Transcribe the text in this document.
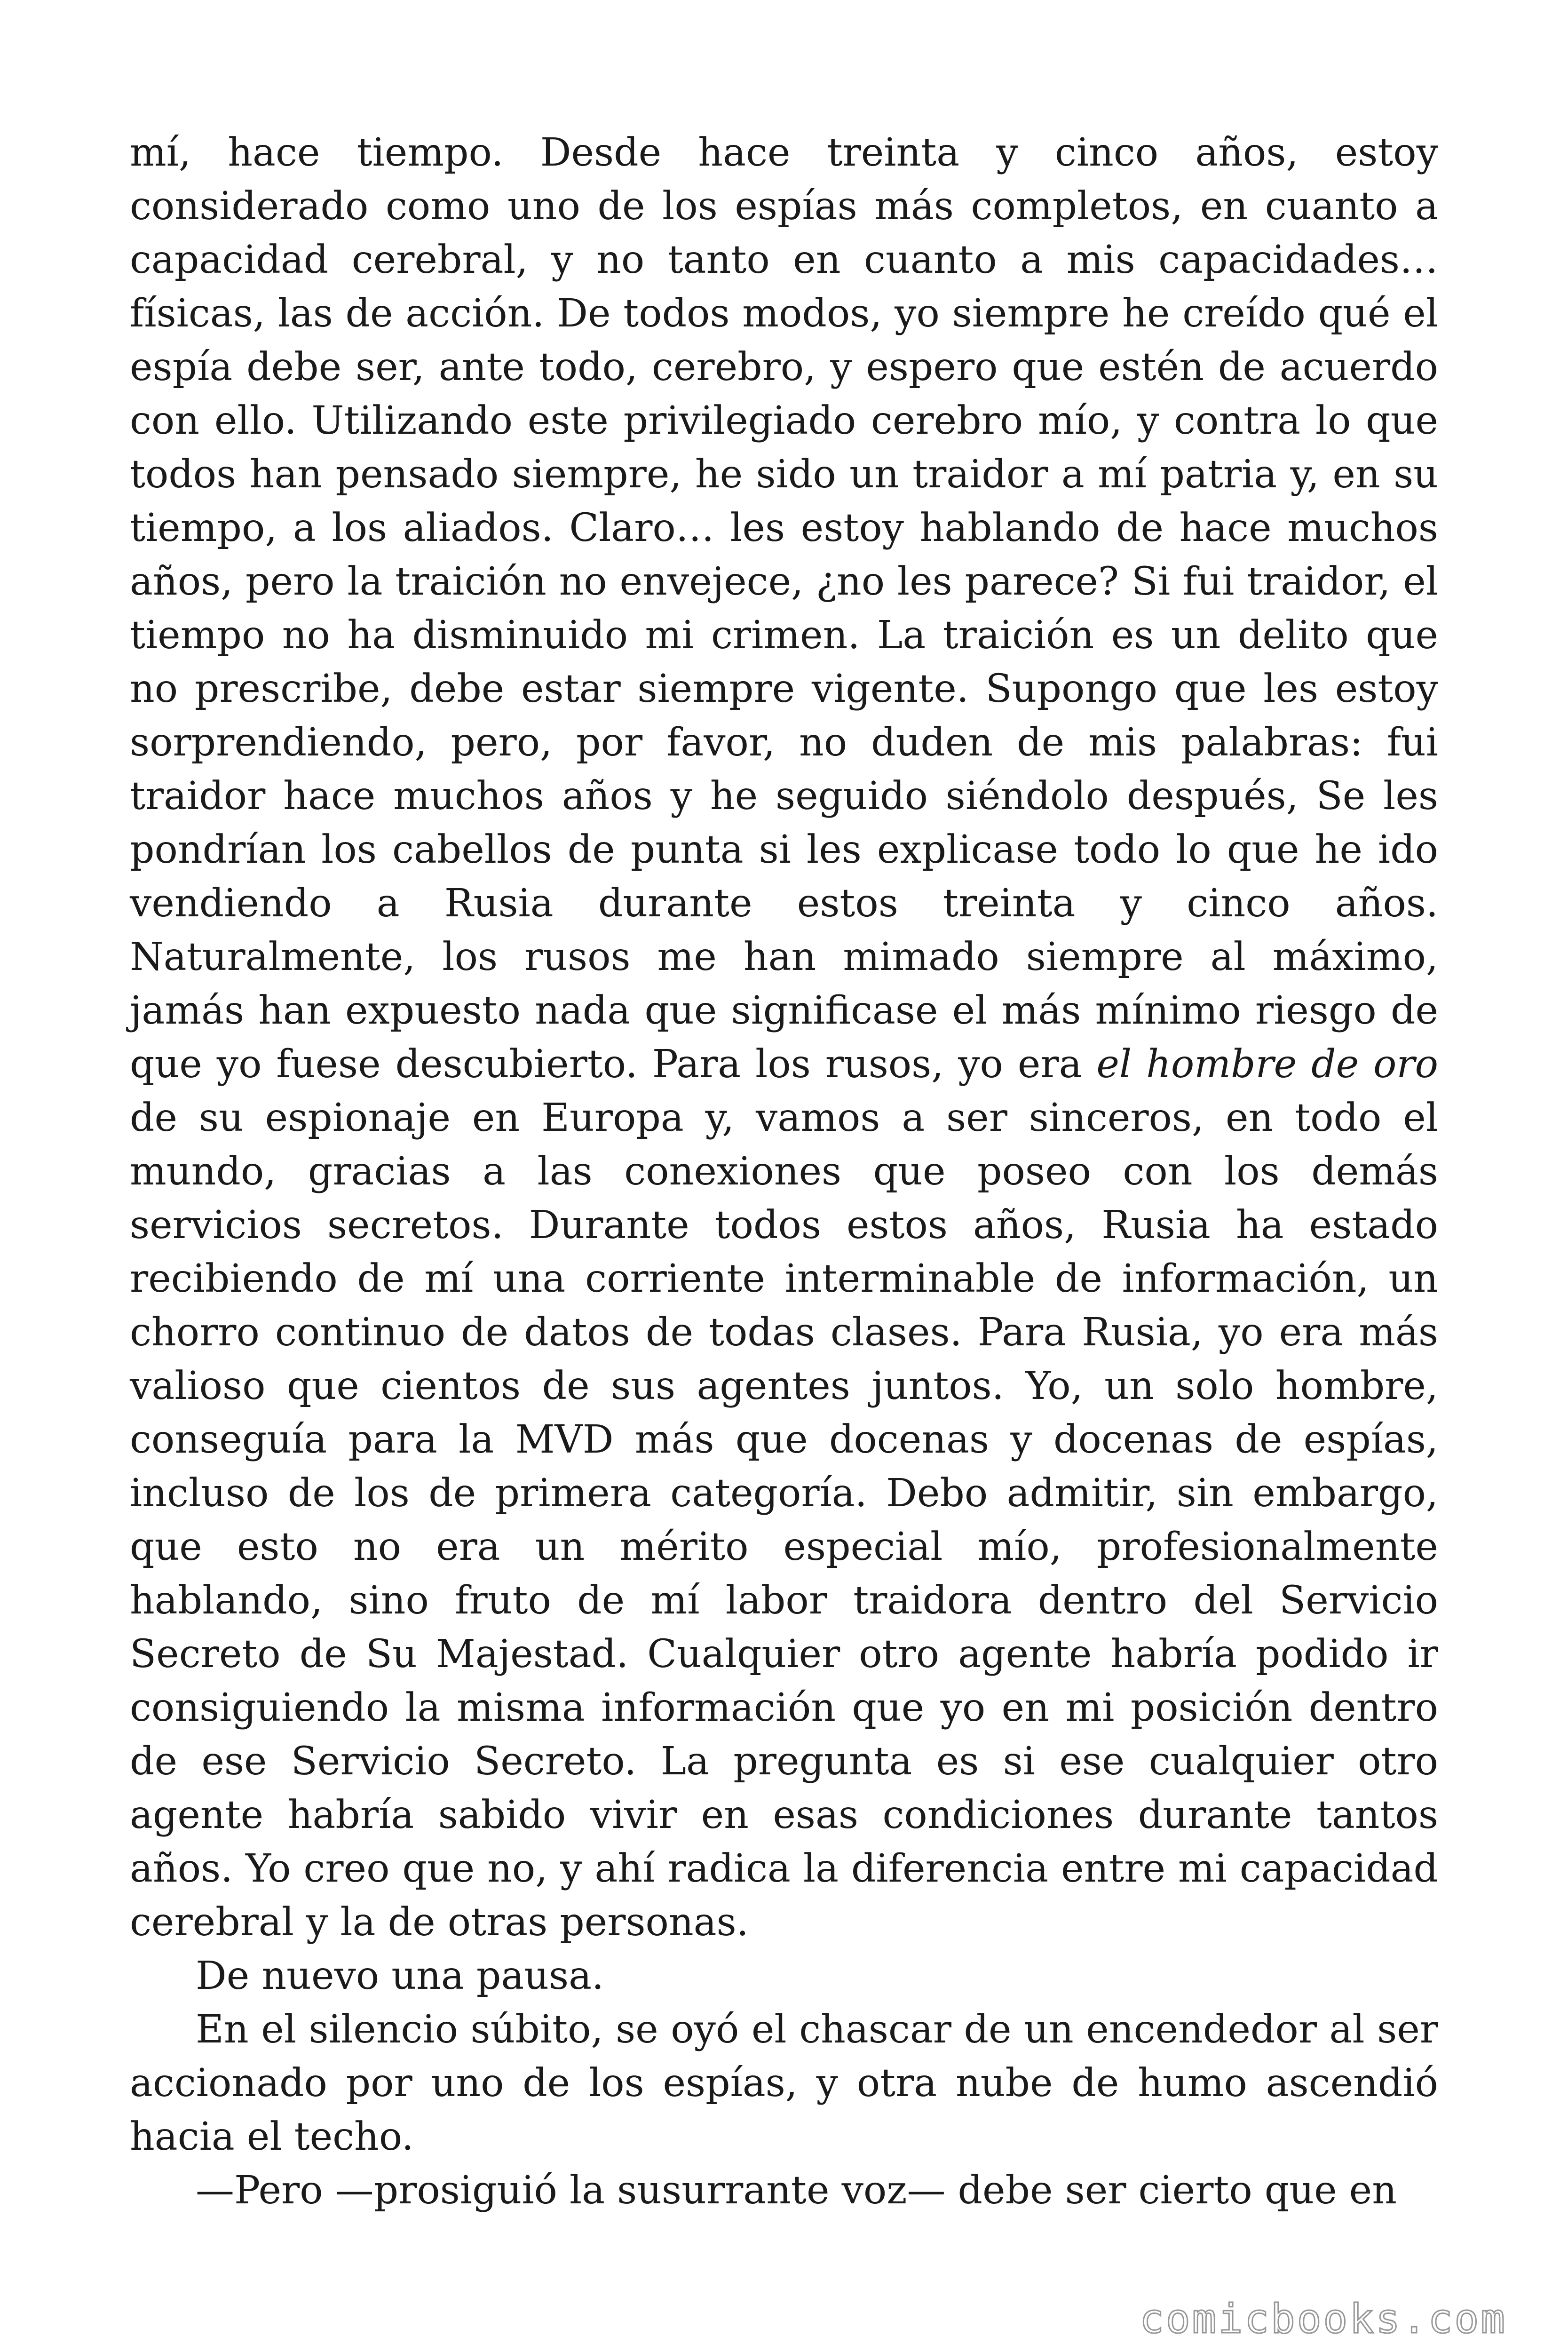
mí, hace tiempo. Desde hace treinta y cinco años, estoy considerado como uno de los espías más completos, en cuanto a capacidad cerebral, y no tanto en cuanto a mis capacidades… físicas, las de acción. De todos modos, yo siempre he creído qué el espía debe ser, ante todo, cerebro, y espero que estén de acuerdo con ello. Utilizando este privilegiado cerebro mío, y contra lo que todos han pensado siempre, he sido un traidor a mí patria y, en su tiempo, a los aliados. Claro… les estoy hablando de hace muchos años, pero la traición no envejece, ¿no les parece? Si fui traidor, el tiempo no ha disminuido mi crimen. La traición es un delito que no prescribe, debe estar siempre vigente. Supongo que les estoy sorprendiendo, pero, por favor, no duden de mis palabras: fui traidor hace muchos años y he seguido siéndolo después, Se les pondrían los cabellos de punta si les explicase todo lo que he ido vendiendo a Rusia durante estos treinta y cinco años. Naturalmente, los rusos me han mimado siempre al máximo, jamás han expuesto nada que significase el más mínimo riesgo de que yo fuese descubierto. Para los rusos, yo era el hombre de oro de su espionaje en Europa y, vamos a ser sinceros, en todo el mundo, gracias a las conexiones que poseo con los demás servicios secretos. Durante todos estos años, Rusia ha estado recibiendo de mí una corriente interminable de información, un chorro continuo de datos de todas clases. Para Rusia, yo era más valioso que cientos de sus agentes juntos. Yo, un solo hombre, conseguía para la MVD más que docenas y docenas de espías, incluso de los de primera categoría. Debo admitir, sin embargo, que esto no era un mérito especial mío, profesionalmente hablando, sino fruto de mí labor traidora dentro del Servicio Secreto de Su Majestad. Cualquier otro agente habría podido ir consiguiendo la misma información que yo en mi posición dentro de ese Servicio Secreto. La pregunta es si ese cualquier otro agente habría sabido vivir en esas condiciones durante tantos años. Yo creo que no, y ahí radica la diferencia entre mi capacidad cerebral y la de otras personas.

De nuevo una pausa.

En el silencio súbito, se oyó el chascar de un encendedor al ser accionado por uno de los espías, y otra nube de humo ascendió hacia el techo.

—Pero —prosiguió la susurrante voz— debe ser cierto que en

comicbooks.com
